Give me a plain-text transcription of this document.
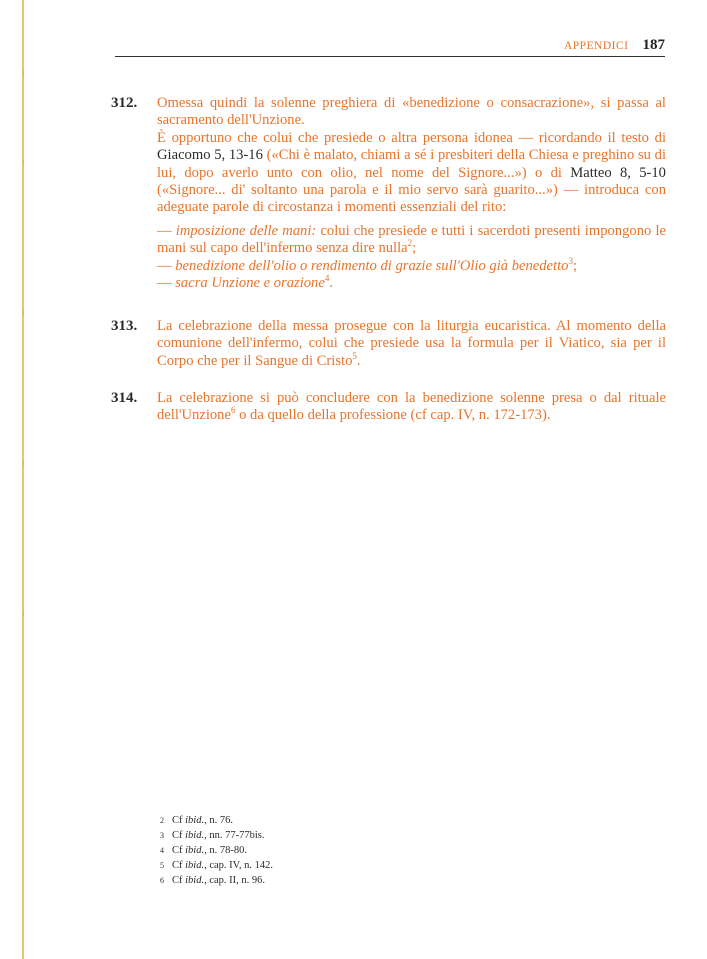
APPENDICI 187
312.	Omessa quindi la solenne preghiera di «benedizione o consacrazione», si passa al sacramento dell'Unzione.

È opportuno che colui che presiede o altra persona idonea — ricordando il testo di Giacomo 5, 13-16 («Chi è malato, chiami a sé i presbiteri della Chiesa e preghino su di lui, dopo averlo unto con olio, nel nome del Signore...») o di Matteo 8, 5-10 («Signore... di' soltanto una parola e il mio servo sarà guarito...») — introduca con adeguate parole di circostanza i momenti essenziali del rito:

— imposizione delle mani: colui che presiede e tutti i sacerdoti presenti impongono le mani sul capo dell'infermo senza dire nulla$^2$;
— benedizione dell'olio o rendimento di grazie sull'Olio già benedetto$^3$;
— sacra Unzione e orazione$^4$.
313.	La celebrazione della messa prosegue con la liturgia eucaristica. Al momento della comunione dell'infermo, colui che presiede usa la formula per il Viatico, sia per il Corpo che per il Sangue di Cristo$^5$.

314.	La celebrazione si può concludere con la benedizione solenne presa o dal rituale dell'Unzione$^6$ o da quello della professione (cf cap. IV, n. 172-173).

2 Cf ibid., n. 76.
3 Cf ibid., nn. 77-77bis.
4 Cf ibid., n. 78-80.
5 Cf ibid., cap. IV, n. 142.
6 Cf ibid., cap. II, n. 96.
